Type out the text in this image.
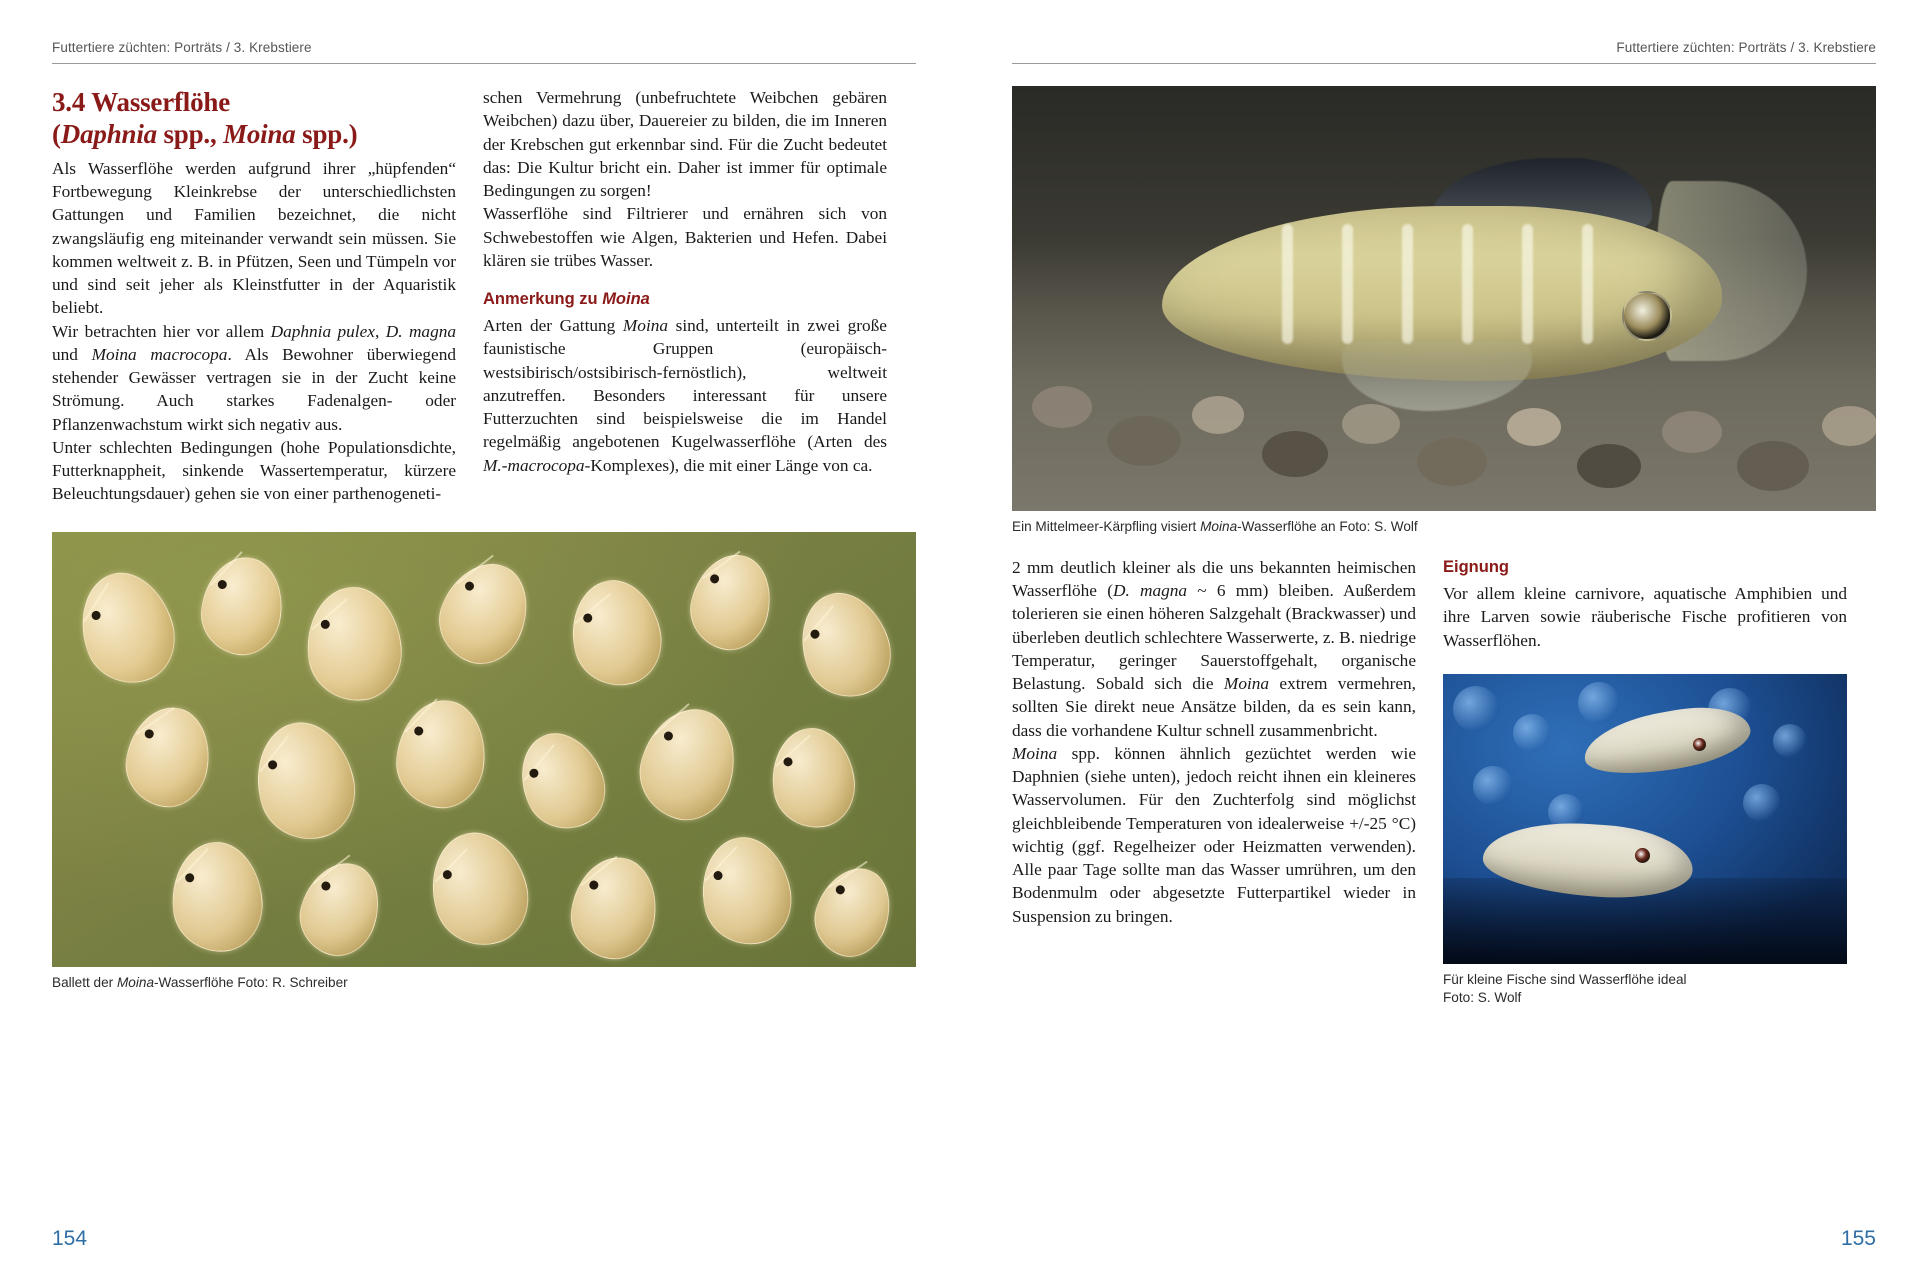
Futtertiere züchten: Porträts / 3. Krebstiere
3.4 Wasserflöhe
(Daphnia spp., Moina spp.)

Als Wasserflöhe werden aufgrund ihrer „hüpfenden“ Fortbewegung Kleinkrebse der unterschiedlichsten Gattungen und Familien bezeichnet, die nicht zwangsläufig eng miteinander verwandt sein müssen. Sie kommen weltweit z. B. in Pfützen, Seen und Tümpeln vor und sind seit jeher als Kleinstfutter in der Aquaristik beliebt.

Wir betrachten hier vor allem Daphnia pulex, D. magna und Moina macrocopa. Als Bewohner überwiegend stehender Gewässer vertragen sie in der Zucht keine Strömung. Auch starkes Fadenalgen- oder Pflanzenwachstum wirkt sich negativ aus.

Unter schlechten Bedingungen (hohe Populationsdichte, Futterknappheit, sinkende Wassertemperatur, kürzere Beleuchtungsdauer) gehen sie von einer parthenogeneti-

schen Vermehrung (unbefruchtete Weibchen gebären Weibchen) dazu über, Dauereier zu bilden, die im Inneren der Krebschen gut erkennbar sind. Für die Zucht bedeutet das: Die Kultur bricht ein. Daher ist immer für optimale Bedingungen zu sorgen!

Wasserflöhe sind Filtrierer und ernähren sich von Schwebestoffen wie Algen, Bakterien und Hefen. Dabei klären sie trübes Wasser.

Anmerkung zu Moina

Arten der Gattung Moina sind, unterteilt in zwei große faunistische Gruppen (europäisch-westsibirisch/ostsibirisch-fernöstlich), weltweit anzutreffen. Besonders interessant für unsere Futterzuchten sind beispielsweise die im Handel regelmäßig angebotenen Kugelwasserflöhe (Arten des M.-macrocopa-Komplexes), die mit einer Länge von ca.

Ballett der Moina-Wasserflöhe Foto: R. Schreiber
154
Futtertiere züchten: Porträts / 3. Krebstiere
Ein Mittelmeer-Kärpfling visiert Moina-Wasserflöhe an Foto: S. Wolf

2 mm deutlich kleiner als die uns bekannten heimischen Wasserflöhe (D. magna ~ 6 mm) bleiben. Außerdem tolerieren sie einen höheren Salzgehalt (Brackwasser) und überleben deutlich schlechtere Wasserwerte, z. B. niedrige Temperatur, geringer Sauerstoffgehalt, organische Belastung. Sobald sich die Moina extrem vermehren, sollten Sie direkt neue Ansätze bilden, da es sein kann, dass die vorhandene Kultur schnell zusammenbricht.

Moina spp. können ähnlich gezüchtet werden wie Daphnien (siehe unten), jedoch reicht ihnen ein kleineres Wasservolumen. Für den Zuchterfolg sind möglichst gleichbleibende Temperaturen von idealerweise +/-25 °C) wichtig (ggf. Regelheizer oder Heizmatten verwenden). Alle paar Tage sollte man das Wasser umrühren, um den Bodenmulm oder abgesetzte Futterpartikel wieder in Suspension zu bringen.

Eignung

Vor allem kleine carnivore, aquatische Amphibien und ihre Larven sowie räuberische Fische profitieren von Wasserflöhen.

Für kleine Fische sind Wasserflöhe ideal
Foto: S. Wolf
155
